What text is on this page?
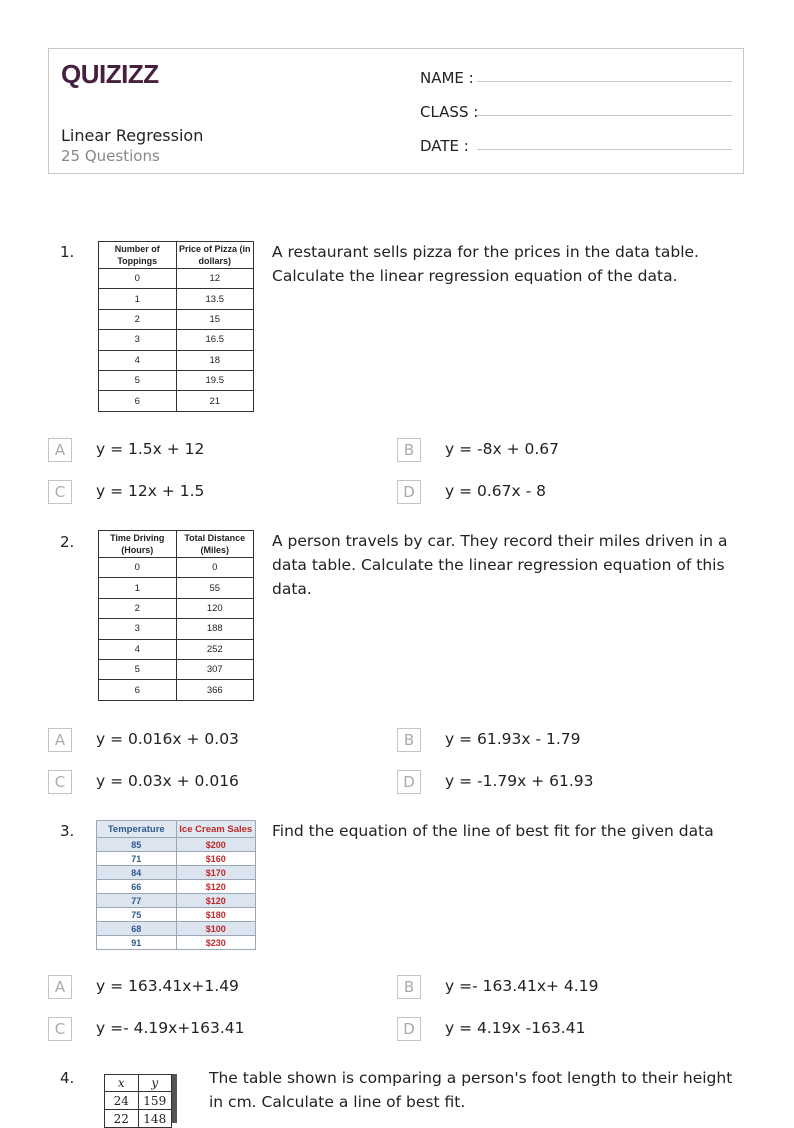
QUIZIZZ
Linear Regression
25 Questions
NAME :
CLASS :
DATE :
1.	Number of Toppings	Price of Pizza (in dollars)
0	12
1	13.5
2	15
3	16.5
4	18
5	19.5
6	21
A restaurant sells pizza for the prices in the data table. Calculate the linear regression equation of the data.
A	y = 1.5x + 12	B	y = -8x + 0.67
C	y = 12x + 1.5	D	y = 0.67x - 8
2.	Time Driving (Hours)	Total Distance (Miles)
0	0
1	55
2	120
3	188
4	252
5	307
6	366
A person travels by car. They record their miles driven in a data table. Calculate the linear regression equation of this data.
A	y = 0.016x + 0.03	B	y = 61.93x - 1.79
C	y = 0.03x + 0.016	D	y = -1.79x + 61.93
3.	Temperature	Ice Cream Sales
85	$200
71	$160
84	$170
66	$120
77	$120
75	$180
68	$100
91	$230
Find the equation of the line of best fit for the given data
A	y = 163.41x+1.49	B	y =- 163.41x+ 4.19
C	y =- 4.19x+163.41	D	y = 4.19x -163.41
4.	x	y
24	159
22	148
The table shown is comparing a person's foot length to their height in cm. Calculate a line of best fit.
